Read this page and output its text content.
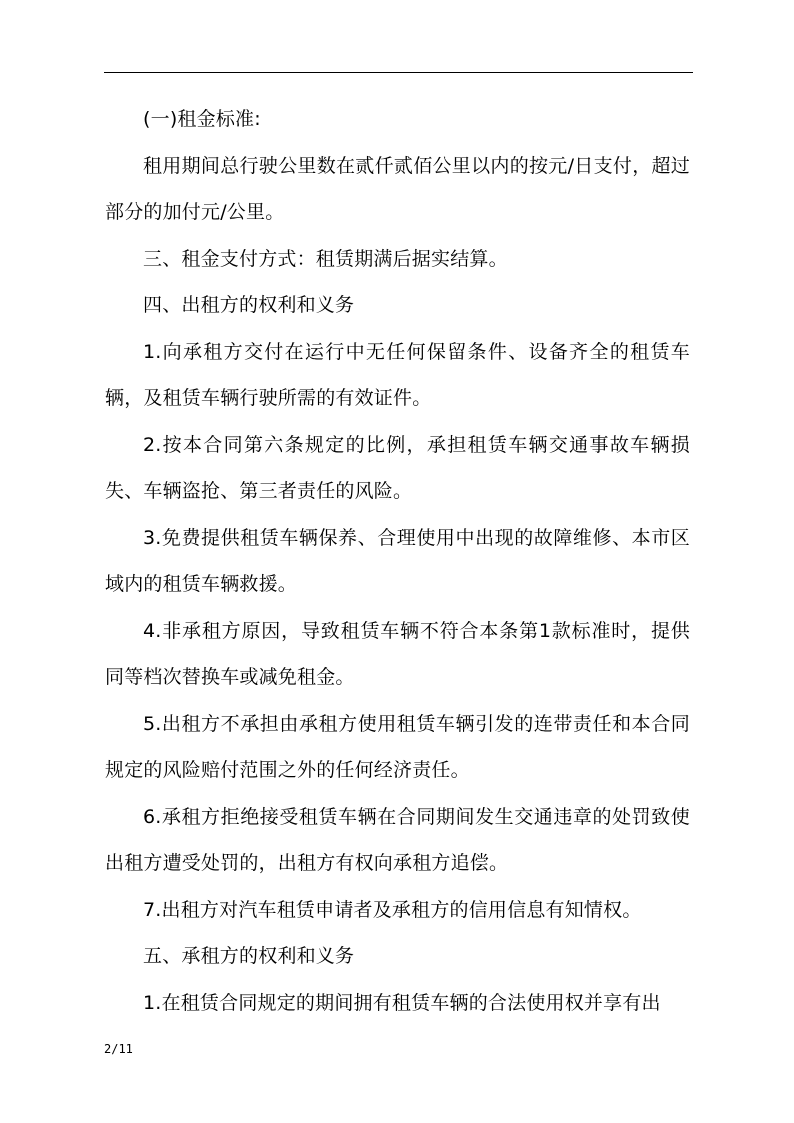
(一)租金标准:

租用期间总行驶公里数在贰仟贰佰公里以内的按元/日支付，超过部分的加付元/公里。

三、租金支付方式：租赁期满后据实结算。

四、出租方的权利和义务

1.向承租方交付在运行中无任何保留条件、设备齐全的租赁车辆，及租赁车辆行驶所需的有效证件。

2.按本合同第六条规定的比例，承担租赁车辆交通事故车辆损失、车辆盗抢、第三者责任的风险。

3.免费提供租赁车辆保养、合理使用中出现的故障维修、本市区域内的租赁车辆救援。

4.非承租方原因，导致租赁车辆不符合本条第1款标准时，提供同等档次替换车或减免租金。

5.出租方不承担由承租方使用租赁车辆引发的连带责任和本合同规定的风险赔付范围之外的任何经济责任。

6.承租方拒绝接受租赁车辆在合同期间发生交通违章的处罚致使出租方遭受处罚的，出租方有权向承租方追偿。

7.出租方对汽车租赁申请者及承租方的信用信息有知情权。

五、承租方的权利和义务

1.在租赁合同规定的期间拥有租赁车辆的合法使用权并享有出

2/11
